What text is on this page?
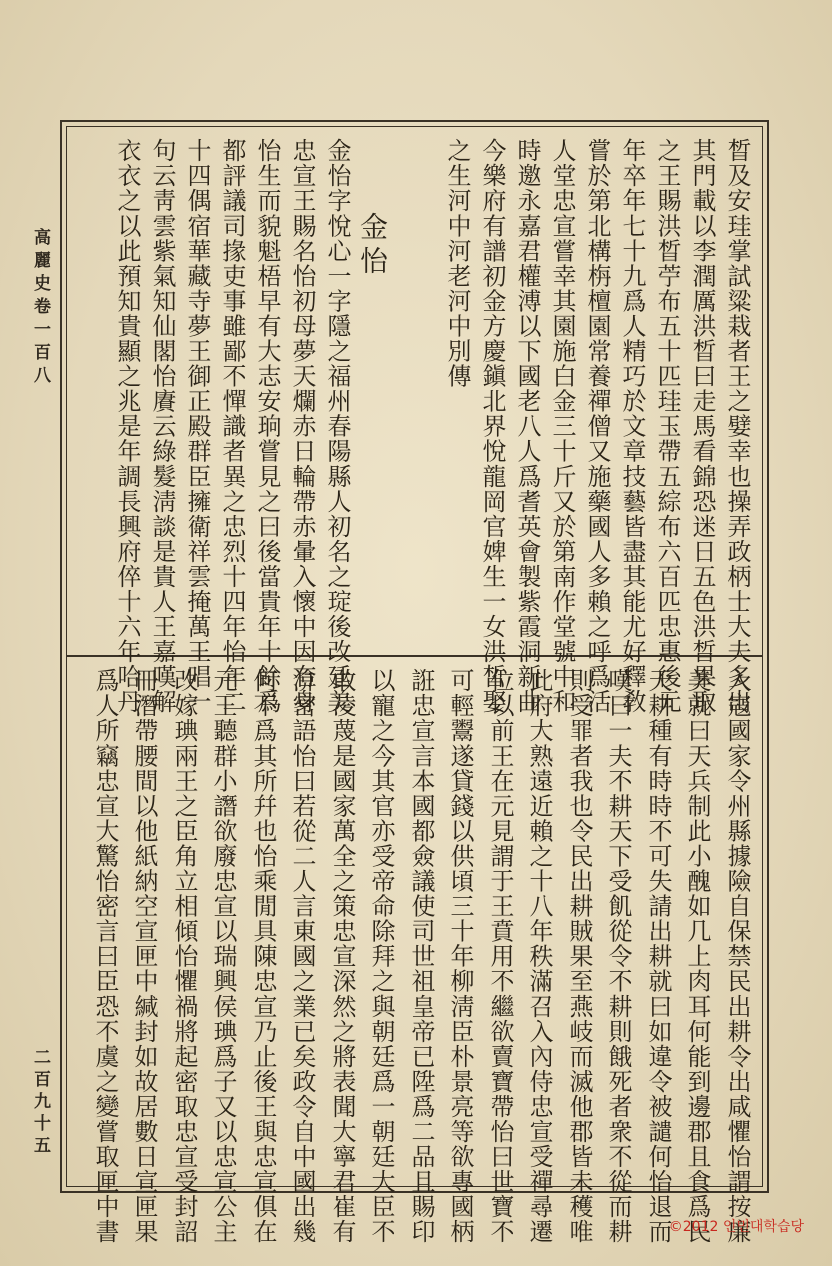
高麗史卷一百八
二百九十五
晳及安珪掌試粱栽者王之嬖幸也操弄政柄士大夫多出
其門載以李潤厲洪晳曰走馬看錦恐迷日五色洪晳果取
之王賜洪晳苧布五十匹珪玉帶五綜布六百匹忠惠後元
年卒年七十九爲人精巧於文章技藝皆盡其能尤好釋敎
嘗於第北構栴檀園常養禪僧又施藥國人多賴之呼爲活
人堂忠宣嘗幸其園施白金三十斤又於第南作堂號中和
時邀永嘉君權溥以下國老八人爲耆英會製紫霞洞新曲
今樂府有譜初金方慶鎭北界悅龍岡官婢生一女洪晳娶
之生河中河老河中別傳
金怡
金怡字悅心一字隱之福州春陽縣人初名之琔後改廷美
忠宣王賜名怡初母夢天爛赤日輪帶赤暈入懷中因有身
怡生而貌魁梧早有大志安珦嘗見之曰後當貴年十餘爲
都評議司掾吏事雖鄙不憚識者異之忠烈十四年怡年二
十四偶宿華藏寺夢王御正殿群臣擁衛祥雲掩萬王唱一
句云靑雲紫氣知仙閣怡賡云綠髮淸談是貴人王嘉嘆解
衣衣之以此預知貴顯之兆是年調長興府倅十六年哈丹
入寇國家令州縣據險自保禁民出耕令出咸懼怡謂按廉
美就曰天兵制此小醜如几上肉耳何能到邊郡且食爲民
天耕種有時時不可失請出耕就曰如違令被譴何怡退而
嘆曰一夫不耕天下受飢從令不耕則餓死者衆不從而耕
則受罪者我也令民出耕賊果至燕岐而滅他郡皆未穫唯
此府大熟遠近賴之十八年秩滿召入內侍忠宣受禪尋遷
位以前王在元見謂于王賁用不繼欲賣寶帶怡曰世寶不
可輕鬻遂貸錢以供頃三十年柳淸臣朴景亮等欲專國柄
誑忠宣言本國都僉議使司世祖皇帝已陞爲二品且賜印
以寵之今其官亦受帝命除拜之與朝廷爲一朝廷大臣不
敢凌蔑是國家萬全之策忠宣深然之將表聞大寧君崔有
渰密語怡曰若從二人言東國之業已矣政令自中國出幾
何不爲其所幷也怡乘閒具陳忠宣乃止後王與忠宣俱在
元王聽群小譖欲廢忠宣以瑞興侯琠爲子又以忠宣公主
改嫁琠兩王之臣角立相傾怡懼禍將起密取忠宣受封詔
冊潛帶腰間以他紙納空宣匣中緘封如故居數日宣匣果
爲人所竊忠宣大驚怡密言曰臣恐不虞之變嘗取匣中書	©2012 인민대학습당
